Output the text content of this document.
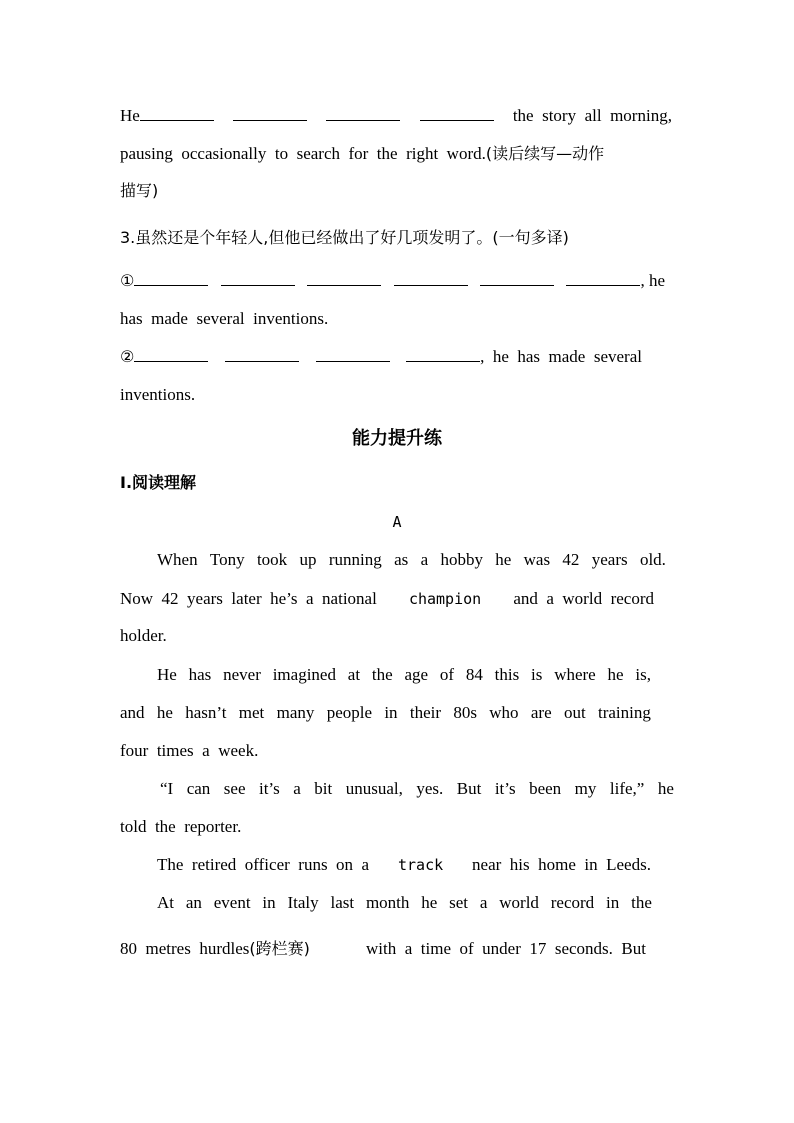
He	the  story  all  morning,
pausing  occasionally  to  search  for  the  right  word.(读后续写—动作
描写)
3.虽然还是个年轻人,但他已经做出了好几项发明了。(一句多译)
①	, he
has  made  several  inventions.
②	,  he  has  made  several
inventions.
能力提升练
Ⅰ.阅读理解
A
When Tony took up running as a hobby he was 42 years old.
Now  42  years  later  he’s  a  national champion and  a  world  record
holder.
He has never imagined at the age of 84 this is where he is,
and he hasn’t met many people in their 80s who are out training
four  times  a  week.
“I can see it’s a bit unusual, yes. But it’s been my life,” he
told  the  reporter.
The  retired  officer  runs  on  a track near  his  home  in  Leeds.
At an event in Italy last month he set a world record in the
80  metres  hurdles(跨栏赛)	with  a  time  of  under  17  seconds.  But
